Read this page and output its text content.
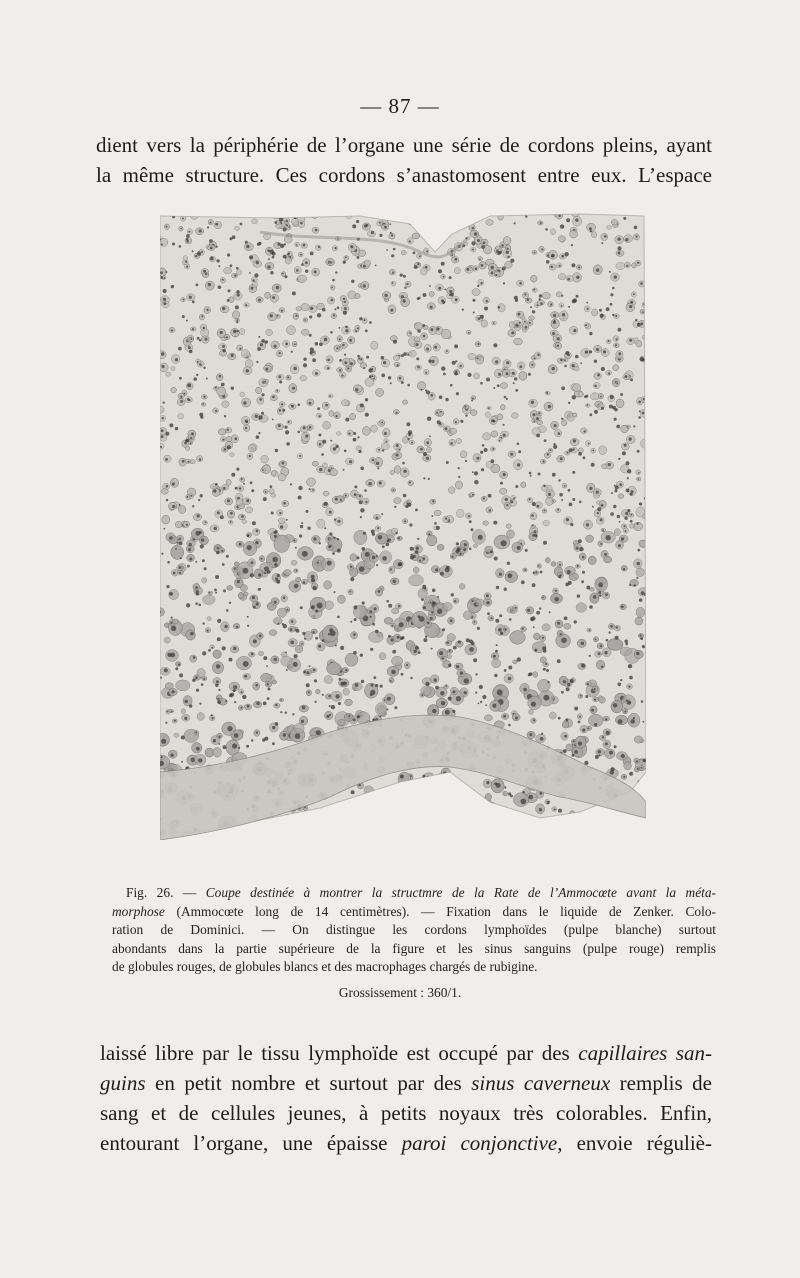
— 87 —
dient vers la périphérie de l’organe une série de cordons pleins, ayant
la même structure. Ces cordons s’anastomosent entre eux. L’espace
Fig. 26. — Coupe destinée à montrer la structmre de la Rate de l’Ammocœte avant la méta-
morphose (Ammocœte long de 14 centimètres). — Fixation dans le liquide de Zenker. Colo-
ration de Dominici. — On distingue les cordons lymphoïdes (pulpe blanche) surtout
abondants dans la partie supérieure de la figure et les sinus sanguins (pulpe rouge) remplis
de globules rouges, de globules blancs et des macrophages chargés de rubigine.
Grossissement : 360/1.
laissé libre par le tissu lymphoïde est occupé par des capillaires san-
guins en petit nombre et surtout par des sinus caverneux remplis de
sang et de cellules jeunes, à petits noyaux très colorables. Enfin,
entourant l’organe, une épaisse paroi conjonctive, envoie réguliè-
